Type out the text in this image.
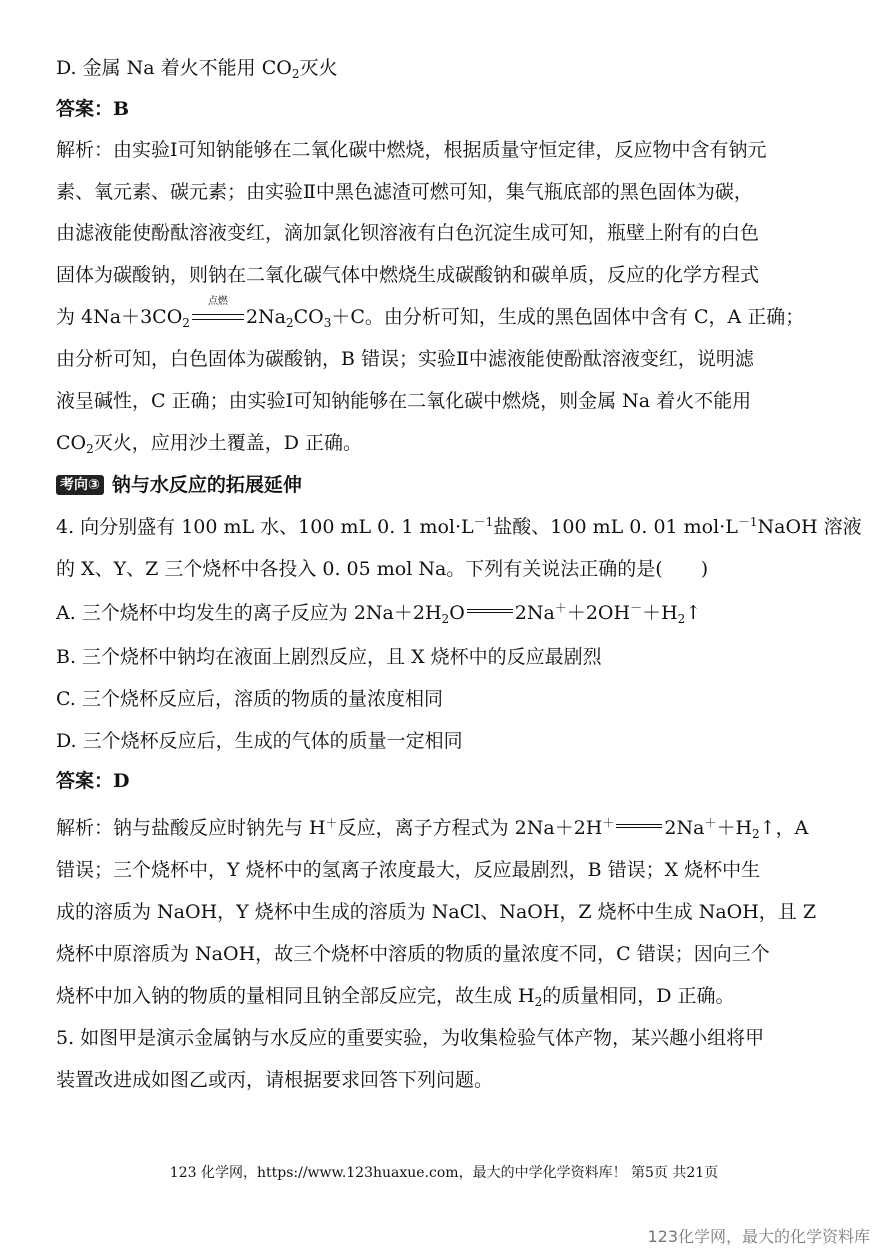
D. 金属 Na 着火不能用 $CO_2$灭火
答案：B
解析：由实验Ⅰ可知钠能够在二氧化碳中燃烧，根据质量守恒定律，反应物中含有钠元
素、氧元素、碳元素；由实验Ⅱ中黑色滤渣可燃可知，集气瓶底部的黑色固体为碳，
由滤液能使酚酞溶液变红，滴加氯化钡溶液有白色沉淀生成可知，瓶壁上附有的白色
固体为碳酸钠，则钠在二氧化碳气体中燃烧生成碳酸钠和碳单质，反应的化学方程式
为 $4Na+3CO_2$
点燃
$2Na_2CO_3+C$。由分析可知，生成的黑色固体中含有 C，A 正确；
由分析可知，白色固体为碳酸钠，B 错误；实验Ⅱ中滤液能使酚酞溶液变红，说明滤
液呈碱性，C 正确；由实验Ⅰ可知钠能够在二氧化碳中燃烧，则金属 Na 着火不能用
$CO_2$灭火，应用沙土覆盖，D 正确。
考向③ 钠与水反应的拓展延伸
4. 向分别盛有 100 mL 水、100 mL 0. 1 $mol\cdot L^{-1}$盐酸、100 mL 0. 01 $mol\cdot L^{-1}NaOH$ 溶液
的 X、Y、Z 三个烧杯中各投入 0. 05 mol Na。下列有关说法正确的是(　　)
A. 三个烧杯中均发生的离子反应为 $2Na+2H_2O$	$2Na^++2OH^-+H_2↑$
B. 三个烧杯中钠均在液面上剧烈反应，且 X 烧杯中的反应最剧烈
C. 三个烧杯反应后，溶质的物质的量浓度相同
D. 三个烧杯反应后，生成的气体的质量一定相同
答案：D
解析：钠与盐酸反应时钠先与 H＋反应，离子方程式为 2Na＋2H＋	$2Na^++H_2↑$，A
错误；三个烧杯中，Y 烧杯中的氢离子浓度最大，反应最剧烈，B 错误；X 烧杯中生
成的溶质为 NaOH，Y 烧杯中生成的溶质为 NaCl、NaOH，Z 烧杯中生成 NaOH，且 Z
烧杯中原溶质为 NaOH，故三个烧杯中溶质的物质的量浓度不同，C 错误；因向三个
烧杯中加入钠的物质的量相同且钠全部反应完，故生成 $H_2$的质量相同，D 正确。
5. 如图甲是演示金属钠与水反应的重要实验，为收集检验气体产物，某兴趣小组将甲
装置改进成如图乙或丙，请根据要求回答下列问题。
123 化学网，https://www.123huaxue.com，最大的中学化学资料库！ 第5页 共21页
123化学网，最大的化学资料库
